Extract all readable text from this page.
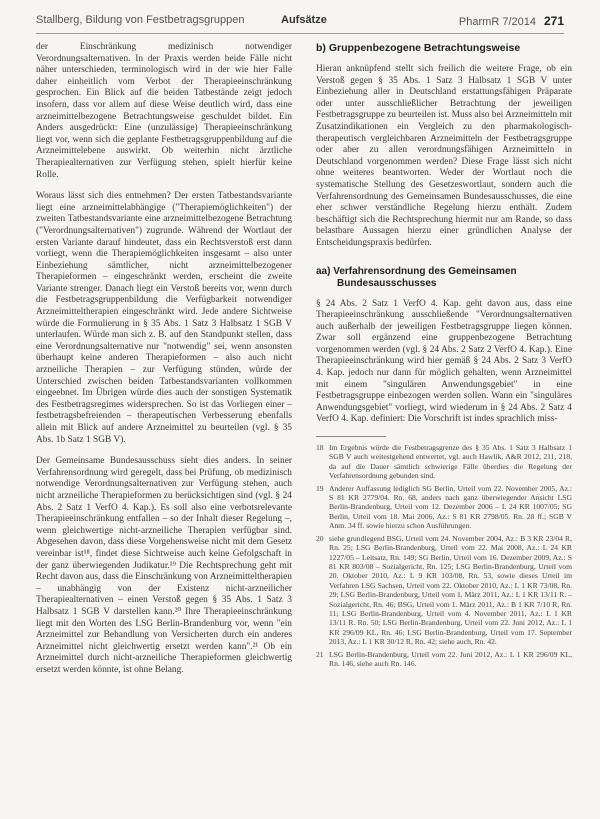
Stallberg, Bildung von Festbetragsgruppen	Aufsätze	PharmR 7/2014 271

der Einschränkung medizinisch notwendiger Verordnungsalternativen. In der Praxis werden beide Fälle nicht näher unterschieden, terminologisch wird in der wie hier Falle daher einheitlich vom Verbot der Therapieeinschränkung gesprochen. Ein Blick auf die beiden Tatbestände zeigt jedoch insofern, dass vor allem auf diese Weise deutlich wird, dass eine arzneimittelbezogene Betrachtungsweise geschuldet bildet. Ein Anders ausgedrückt: Eine (unzulässige) Therapieeinschränkung liegt vor, wenn sich die geplante Festbetragsgruppenbildung auf die Arzneimittelebene auswirkt. Ob weiterhin nicht ärztliche Therapiealternativen zur Verfügung stehen, spielt hierfür keine Rolle.

Woraus lässt sich dies entnehmen? Der ersten Tatbestandsvariante liegt eine arzneimittelabhängige ("Therapiemöglichkeiten") der zweiten Tatbestandsvariante eine arzneimittelbezogene Betrachtung ("Verordnungsalternativen") zugrunde. Während der Wortlaut der ersten Variante darauf hindeutet, dass ein Rechtsverstoß erst dann vorliegt, wenn die Therapiemöglichkeiten insgesamt – also unter Einbeziehung sämtlicher, nicht arzneimittelbezogener Therapieformen – eingeschränkt werden, erscheint die zweite Variante strenger. Danach liegt ein Verstoß bereits vor, wenn durch die Festbetragsgruppenbildung die Verfügbarkeit notwendiger Arzneimitteltherapien eingeschränkt wird. Jede andere Sichtweise würde die Formulierung in § 35 Abs. 1 Satz 3 Halbsatz 1 SGB V unterlaufen. Würde man sich z. B. auf den Standpunkt stellen, dass eine Verordnungsalternative nur "notwendig" sei, wenn ansonsten überhaupt keine anderen Therapieformen – also auch nicht arzneiliche Therapien – zur Verfügung stünden, würde der Unterschied zwischen beiden Tatbestandsvarianten vollkommen eingeebnet. Im Übrigen würde dies auch der sonstigen Systematik des Festbetragsregimes widersprechen. So ist das Vorliegen einer – festbetragsbefreienden – therapeutischen Verbesserung ebenfalls allein mit Blick auf andere Arzneimittel zu beurteilen (vgl. § 35 Abs. 1b Satz 1 SGB V).

Der Gemeinsame Bundesausschuss sieht dies anders. In seiner Verfahrensordnung wird geregelt, dass bei Prüfung, ob medizinisch notwendige Verordnungsalternativen zur Verfügung stehen, auch nicht arzneiliche Therapieformen zu berücksichtigen sind (vgl. § 24 Abs. 2 Satz 1 VerfO 4. Kap.). Es soll also eine verbotsrelevante Therapieeinschränkung entfallen – so der Inhalt dieser Regelung –, wenn gleichwertige nicht-arzneiliche Therapien verfügbar sind. Abgesehen davon, dass diese Vorgehensweise nicht mit dem Gesetz vereinbar ist¹⁸, findet diese Sichtweise auch keine Gefolgschaft in der ganz überwiegenden Judikatur.¹⁹ Die Rechtsprechung geht mit Recht davon aus, dass die Einschränkung von Arzneimitteltherapien – unabhängig von der Existenz nicht-arzneilicher Therapiealternativen – einen Verstoß gegen § 35 Abs. 1 Satz 3 Halbsatz 1 SGB V darstellen kann.²⁰ Ihre Therapieeinschränkung liegt mit den Worten des LSG Berlin-Brandenburg vor, wenn "ein Arzneimittel zur Behandlung von Versicherten durch ein anderes Arzneimittel nicht gleichwertig ersetzt werden kann".²¹ Ob ein Arzneimittel durch nicht-arzneiliche Therapieformen gleichwertig ersetzt werden könnte, ist ohne Belang.

b) Gruppenbezogene Betrachtungsweise

Hieran anknüpfend stellt sich freilich die weitere Frage, ob ein Verstoß gegen § 35 Abs. 1 Satz 3 Halbsatz 1 SGB V unter Einbeziehung aller in Deutschland erstattungsfähigen Präparate oder unter ausschließlicher Betrachtung der jeweiligen Festbetragsgruppe zu beurteilen ist. Muss also bei Arzneimitteln mit Zusatzindikationen ein Vergleich zu den pharmakologisch-therapeutisch vergleichbaren Arzneimitteln der Festbetragsgruppe oder aber zu allen verordnungsfähigen Arzneimitteln in Deutschland vorgenommen werden? Diese Frage lässt sich nicht ohne weiteres beantworten. Weder der Wortlaut noch die systematische Stellung des Gesetzeswortlaut, sondern auch die Verfahrensordnung des Gemeinsamen Bundesausschusses, die eine eher schwer verständliche Regelung hierzu enthält. Zudem beschäftigt sich die Rechtsprechung hiermit nur am Rande, so dass belastbare Aussagen hierzu einer gründlichen Analyse der Entscheidungspraxis bedürfen.

aa) Verfahrensordnung des Gemeinsamen
Bundesausschusses

§ 24 Abs. 2 Satz 1 VerfO 4. Kap. geht davon aus, dass eine Therapieeinschränkung ausschließende "Verordnungsalternativen auch außerhalb der jeweiligen Festbetragsgruppe liegen können. Zwar soll ergänzend eine gruppenbezogene Betrachtung vorgenommen werden (vgl. § 24 Abs. 2 Satz 2 VerfO 4. Kap.). Eine Therapieeinschränkung wird hier gemäß § 24 Abs. 2 Satz 3 VerfO 4. Kap. jedoch nur dann für möglich gehalten, wenn Arzneimittel mit einem "singulären Anwendungsgebiet" in eine Festbetragsgruppe einbezogen werden sollen. Wann ein "singuläres Anwendungsgebiet" vorliegt, wird wiederum in § 24 Abs. 2 Satz 4 VerfO 4. Kap. definiert: Die Vorschrift ist indes sprachlich miss-

18 Im Ergebnis würde die Festbetragsgrenze des § 35 Abs. 1 Satz 3 Halbsatz 1 SGB V auch weitestgehend entwertet, vgl. auch Hawlik, A&R 2012, 211, 218, da auf die Dauer sämtlich schwierige Fälle überdies die Regelung der Verfahrensordnung gebunden sind.
19 Anderer Auffassung lediglich SG Berlin, Urteil vom 22. November 2005, Az.: S 81 KR 2779/04. Rn. 68, anders nach ganz überwiegender Ansicht LSG Berlin-Brandenburg, Urteil vom 12. Dezember 2006 – L 24 KR 1007/05; SG Berlin, Urteil vom 18. Mai 2006, Az.: S 81 KR 2798/05. Rn. 28 ff.; SGB V Anm. 34 ff. sowie hierzu schon Ausführungen.
20 siehe grundlegend BSG, Urteil vom 24. November 2004, Az.: B 3 KR 23/04 R, Rn. 25; LSG Berlin-Brandenburg, Urteil vom 22. Mai 2008, Az.: L 24 KR 1227/05 – Leitsatz, Rn. 149; SG Berlin, Urteil vom 16. Dezember 2009, Az.: S 81 KR 803/08 – Sozialgericht, Rn. 125; LSG Berlin-Brandenburg, Urteil vom 20. Oktober 2010, Az.: L 9 KR 103/08, Rn. 53, sowie dieses Urteil im Verfahren LSG Sachsen, Urteil vom 22. Oktober 2010, Az.: L 1 KR 73/08, Rn. 29; LSG Berlin-Brandenburg, Urteil vom 1. März 2011, Az.: L 1 KR 13/11 R. – Sozialgericht, Rn. 46; BSG, Urteil vom 1. März 2011, Az.: B 1 KR 7/10 R, Rn. 11; LSG Berlin-Brandenburg, Urteil vom 4. November 2011, Az.: L 1 KR 13/11 R. Rn. 50; LSG Berlin-Brandenburg, Urteil vom 22. Juni 2012, Az.: L 1 KR 296/09 KL, Rn. 46; LSG Berlin-Brandenburg, Urteil vom 17. September 2013, Az.: L 1 KR 30/12 R, Rn. 42; siehe auch, Rn. 42.
21 LSG Berlin-Brandenburg, Urteil vom 22. Juni 2012, Az.: L 1 KR 296/09 KL, Rn. 146, siehe auch Rn. 146.
